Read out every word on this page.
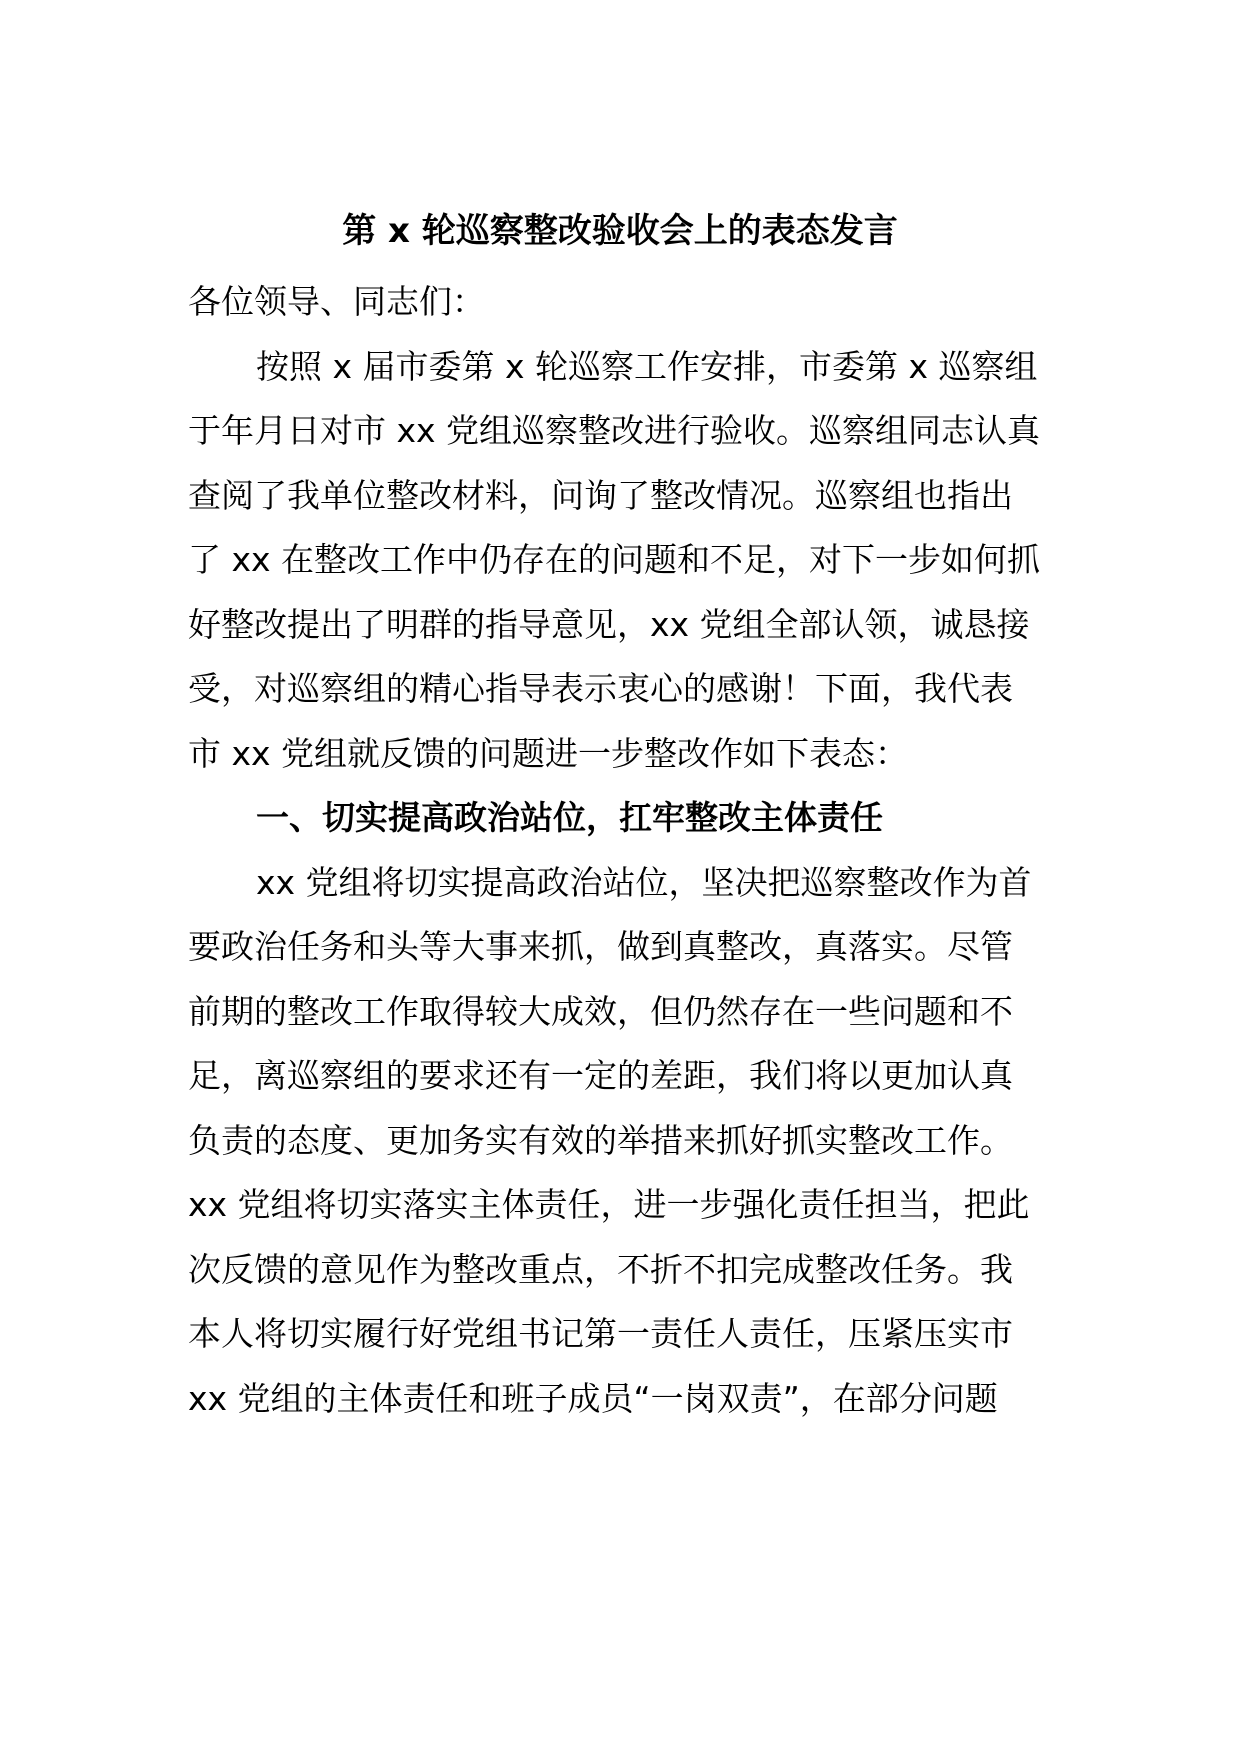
第 x 轮巡察整改验收会上的表态发言
各位领导、同志们：
按照 x 届市委第 x 轮巡察工作安排，市委第 x 巡察组
于年月日对市 xx 党组巡察整改进行验收。巡察组同志认真
查阅了我单位整改材料，问询了整改情况。巡察组也指出
了 xx 在整改工作中仍存在的问题和不足，对下一步如何抓
好整改提出了明群的指导意见，xx 党组全部认领，诚恳接
受，对巡察组的精心指导表示衷心的感谢！下面，我代表
市 xx 党组就反馈的问题进一步整改作如下表态：
一、切实提高政治站位，扛牢整改主体责任
xx 党组将切实提高政治站位，坚决把巡察整改作为首
要政治任务和头等大事来抓，做到真整改，真落实。尽管
前期的整改工作取得较大成效，但仍然存在一些问题和不
足，离巡察组的要求还有一定的差距，我们将以更加认真
负责的态度、更加务实有效的举措来抓好抓实整改工作。
xx 党组将切实落实主体责任，进一步强化责任担当，把此
次反馈的意见作为整改重点，不折不扣完成整改任务。我
本人将切实履行好党组书记第一责任人责任，压紧压实市
xx 党组的主体责任和班子成员“一岗双责”，在部分问题
